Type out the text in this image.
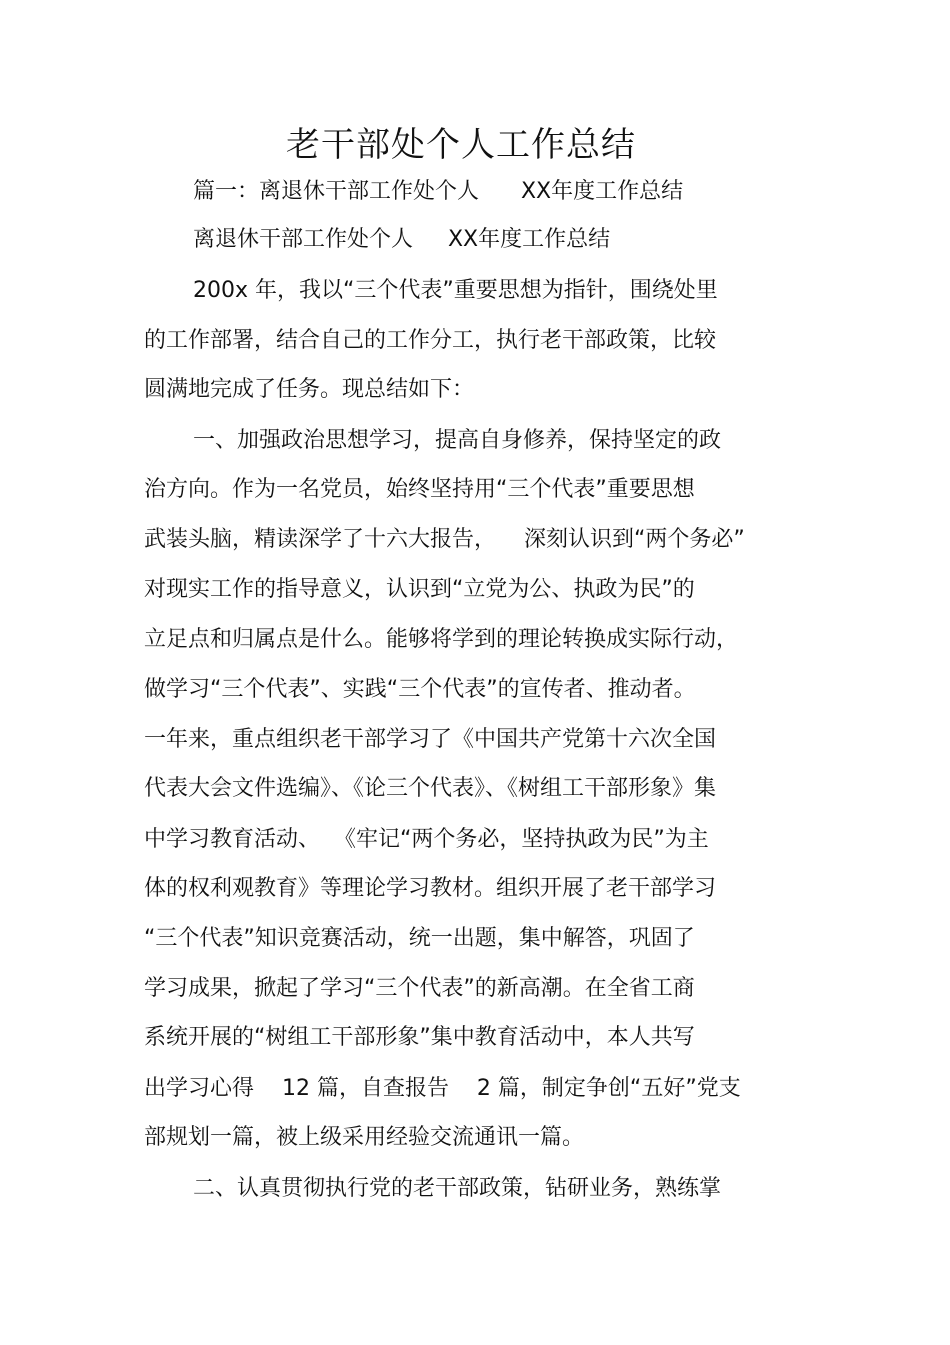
老干部处个人工作总结
篇一：离退休干部工作处个人      XX年度工作总结
离退休干部工作处个人     XX年度工作总结
200x 年，我以“三个代表”重要思想为指针，围绕处里
的工作部署，结合自己的工作分工，执行老干部政策，比较
圆满地完成了任务。现总结如下：
一、加强政治思想学习，提高自身修养，保持坚定的政
治方向。作为一名党员，始终坚持用“三个代表”重要思想
武装头脑，精读深学了十六大报告，    深刻认识到“两个务必”
对现实工作的指导意义，认识到“立党为公、执政为民”的
立足点和归属点是什么。能够将学到的理论转换成实际行动，
做学习“三个代表”、实践“三个代表”的宣传者、推动者。
一年来，重点组织老干部学习了《中国共产党第十六次全国
代表大会文件选编》、《论三个代表》、《树组工干部形象》集
中学习教育活动、  《牢记“两个务必，坚持执政为民”为主
体的权利观教育》等理论学习教材。组织开展了老干部学习
“三个代表”知识竞赛活动，统一出题，集中解答，巩固了
学习成果，掀起了学习“三个代表”的新高潮。在全省工商
系统开展的“树组工干部形象”集中教育活动中，本人共写
出学习心得    12 篇，自查报告    2 篇，制定争创“五好”党支
部规划一篇，被上级采用经验交流通讯一篇。
二、认真贯彻执行党的老干部政策，钻研业务，熟练掌
